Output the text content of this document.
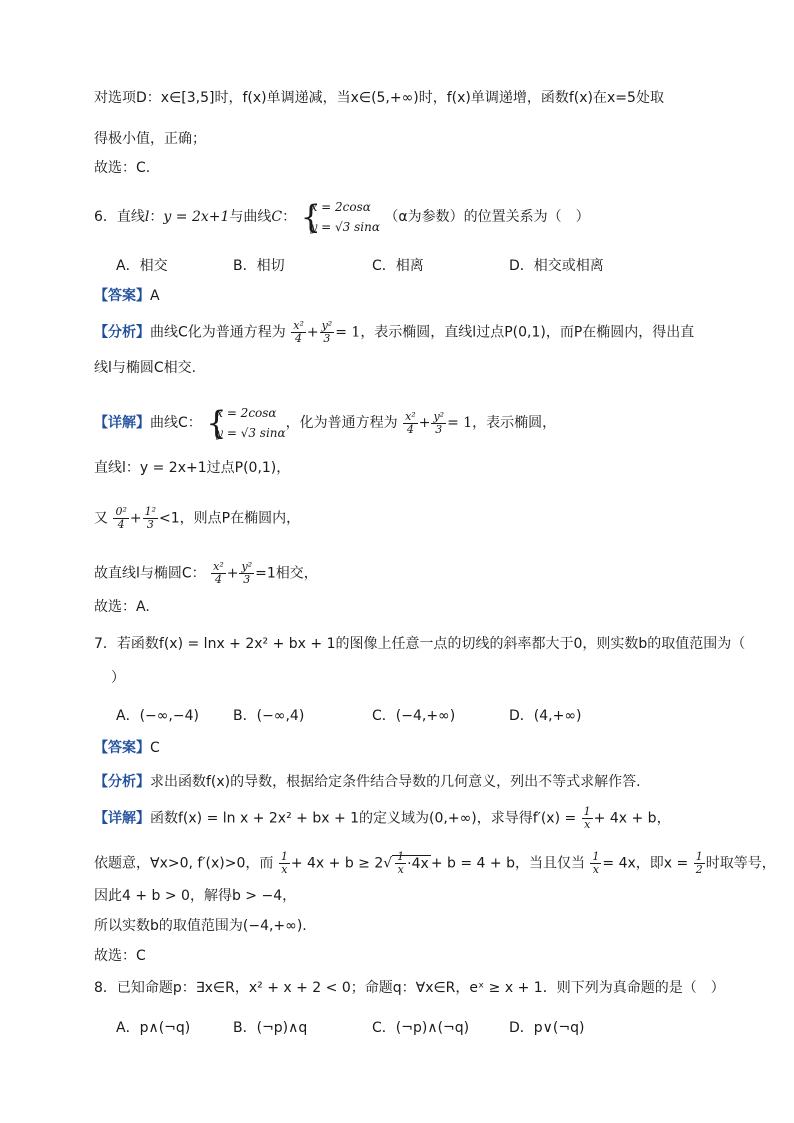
对选项D：x∈[3,5]时，f(x)单调递减，当x∈(5,+∞)时，f(x)单调递增，函数f(x)在x=5处取
得极小值，正确；
故选：C.
6．直线l：y = 2x+1与曲线C： {
x = 2cosα
y = √3 sinα
（α为参数）的位置关系为（　）
A．相交	B．相切	C．相离	D．相交或相离
【答案】A
【分析】曲线C化为普通方程为 $\frac{\text{x²}}{4} + \frac{\text{y²}}{3} = 1$，表示椭圆，直线l过点P(0,1)，而P在椭圆内，得出直
线l与椭圆C相交.
【详解】曲线C： {
x = 2cosα
y = √3 sinα
，化为普通方程为 $\frac{\text{x²}}{4} + \frac{\text{y²}}{3} = 1$，表示椭圆，
直线l：y = 2x+1过点P(0,1)，
又 $\frac{\text{0²}}{4} + \frac{\text{1²}}{3} <1$，则点P在椭圆内，
故直线l与椭圆C： $\frac{\text{x²}}{4} + \frac{\text{y²}}{3} =1$相交，
故选：A.
7．若函数f(x) = lnx + 2x² + bx + 1的图像上任意一点的切线的斜率都大于0，则实数b的取值范围为（
）
A．(−∞,−4) B．(−∞,4)	C．(−4,+∞)	D．(4,+∞)
【答案】C
【分析】求出函数f(x)的导数，根据给定条件结合导数的几何意义，列出不等式求解作答.
【详解】函数f(x) = ln x + 2x² + bx + 1的定义域为(0,+∞)，求导得$f'(x) = \frac{1}{x} + 4x + b$，
依题意，∀x>0, f′(x)>0，而 $\frac{1}{x} + 4x + b \ge 2√ \frac{1}{x} \cdot 4x + b = 4 + b$，当且仅当 $\frac{1}{x} = 4x$，即$x = \frac{1}{2}$ 时取等号，
因此4 + b > 0，解得b > −4，
所以实数b的取值范围为(−4,+∞).
故选：C
8．已知命题p：∃x∈R，x² + x + 2 < 0；命题q：∀x∈R，eˣ ≥ x + 1．则下列为真命题的是（　）
A．p∧(¬q)	B．(¬p)∧q	C．(¬p)∧(¬q)	D．p∨(¬q)
